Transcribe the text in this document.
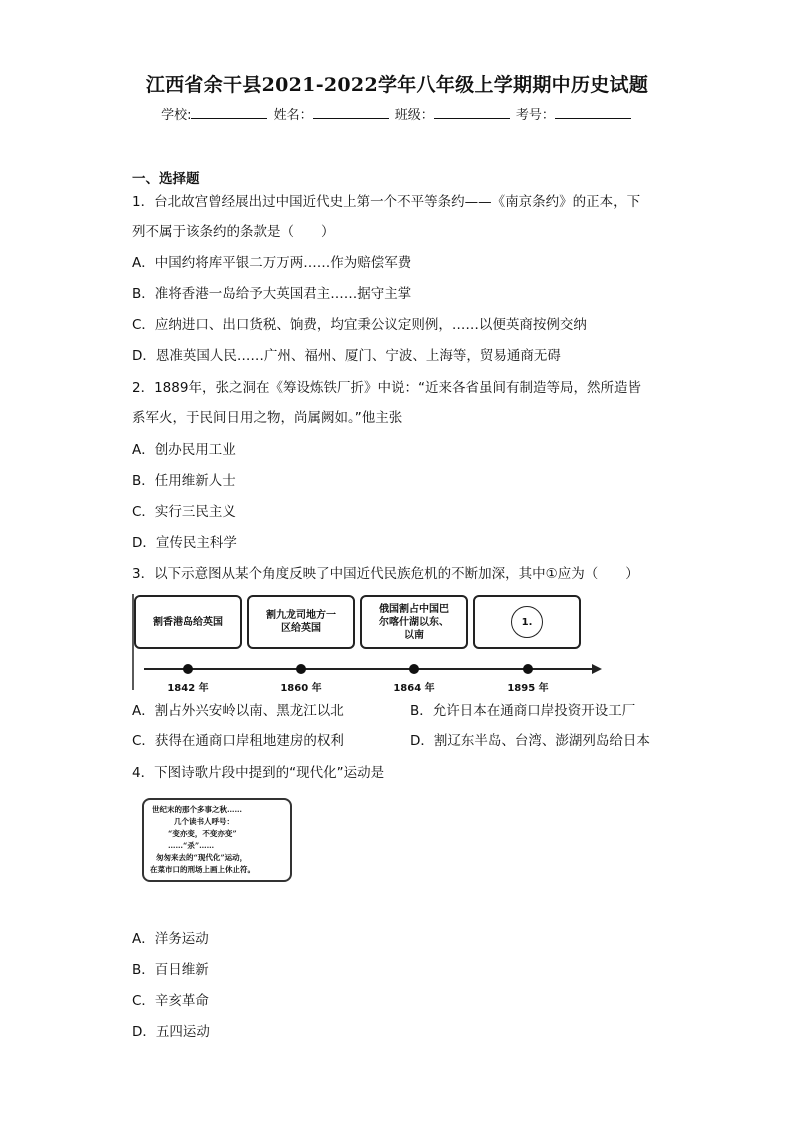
江西省余干县2021-2022学年八年级上学期期中历史试题
学校:	姓名：	班级：	考号：
一、选择题
1．台北故宫曾经展出过中国近代史上第一个不平等条约——《南京条约》的正本，下
列不属于该条约的条款是（　　）
A．中国约将库平银二万万两……作为赔偿军费
B．准将香港一岛给予大英国君主……据守主掌
C．应纳进口、出口货税、饷费，均宜秉公议定则例，……以便英商按例交纳
D．恩准英国人民……广州、福州、厦门、宁波、上海等，贸易通商无碍
2．1889年，张之洞在《筹设炼铁厂折》中说：“近来各省虽间有制造等局，然所造皆
系军火，于民间日用之物，尚属阙如。”他主张
A．创办民用工业
B．任用维新人士
C．实行三民主义
D．宣传民主科学
3．以下示意图从某个角度反映了中国近代民族危机的不断加深，其中①应为（　　）
割香港岛给英国
割九龙司地方一
区给英国
俄国割占中国巴
尔喀什湖以东、
以南
1.
1842 年	1860 年	1864 年	1895 年
A．割占外兴安岭以南、黑龙江以北	B．允许日本在通商口岸投资开设工厂
C．获得在通商口岸租地建房的权利	D．割辽东半岛、台湾、澎湖列岛给日本
4．下图诗歌片段中提到的“现代化”运动是
世纪末的那个多事之秋……
几个读书人呼号：
“变亦变，不变亦变”
……“杀”……
匆匆来去的“现代化”运动，
在菜市口的刑场上画上休止符。
A．洋务运动
B．百日维新
C．辛亥革命
D．五四运动
